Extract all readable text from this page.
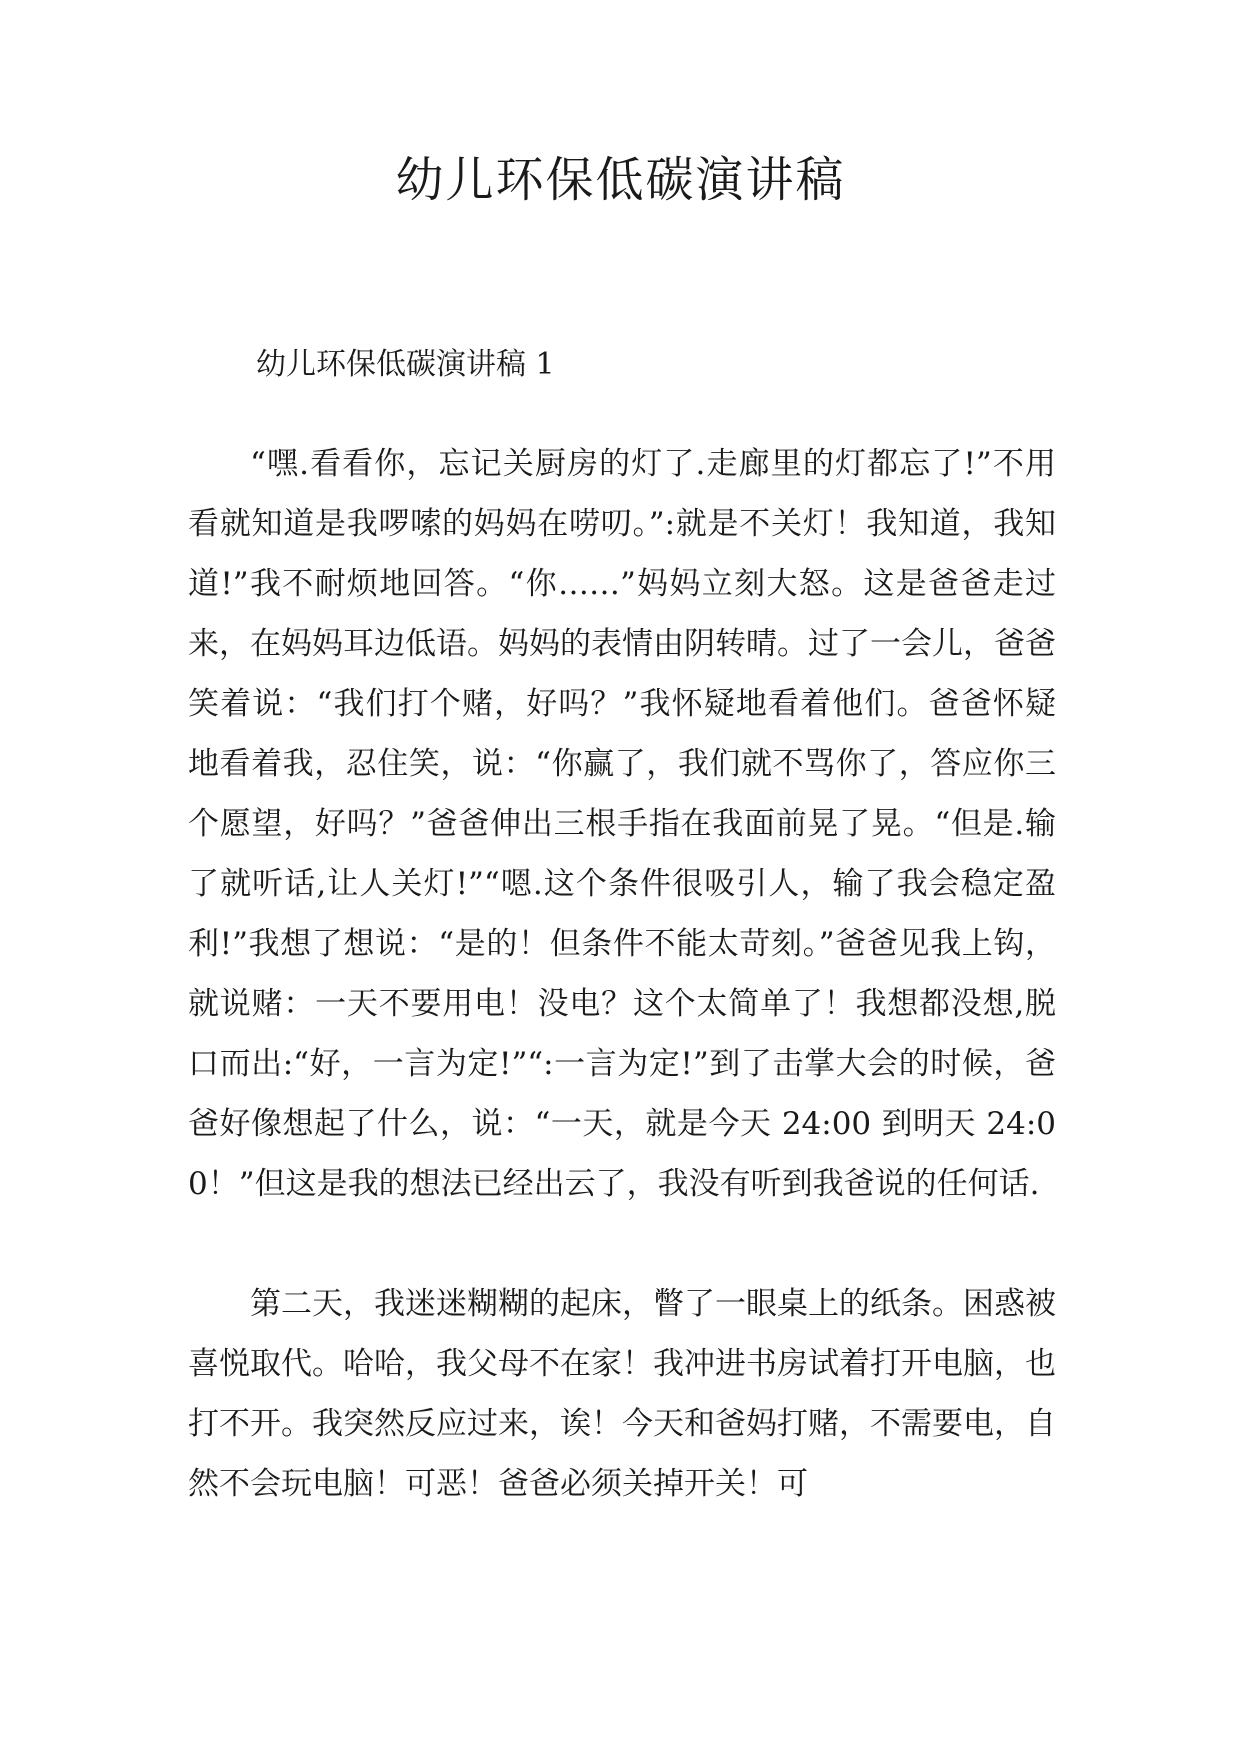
幼儿环保低碳演讲稿
幼儿环保低碳演讲稿 1

“嘿.看看你，忘记关厨房的灯了.走廊里的灯都忘了!”不用看就知道是我啰嗦的妈妈在唠叨。”:就是不关灯！我知道，我知道!”我不耐烦地回答。“你……”妈妈立刻大怒。这是爸爸走过来，在妈妈耳边低语。妈妈的表情由阴转晴。过了一会儿，爸爸笑着说：“我们打个赌，好吗？”我怀疑地看着他们。爸爸怀疑地看着我，忍住笑，说：“你赢了，我们就不骂你了，答应你三个愿望，好吗？”爸爸伸出三根手指在我面前晃了晃。“但是.输了就听话,让人关灯!”“嗯.这个条件很吸引人，输了我会稳定盈利!”我想了想说：“是的！但条件不能太苛刻。”爸爸见我上钩，就说赌：一天不要用电！没电？这个太简单了！我想都没想,脱口而出:“好，一言为定!”“:一言为定!”到了击掌大会的时候，爸爸好像想起了什么，说：“一天，就是今天 24:00 到明天 24:00！”但这是我的想法已经出云了，我没有听到我爸说的任何话.

第二天，我迷迷糊糊的起床，瞥了一眼桌上的纸条。困惑被喜悦取代。哈哈，我父母不在家！我冲进书房试着打开电脑，也打不开。我突然反应过来，诶！今天和爸妈打赌，不需要电，自然不会玩电脑！可恶！爸爸必须关掉开关！可
